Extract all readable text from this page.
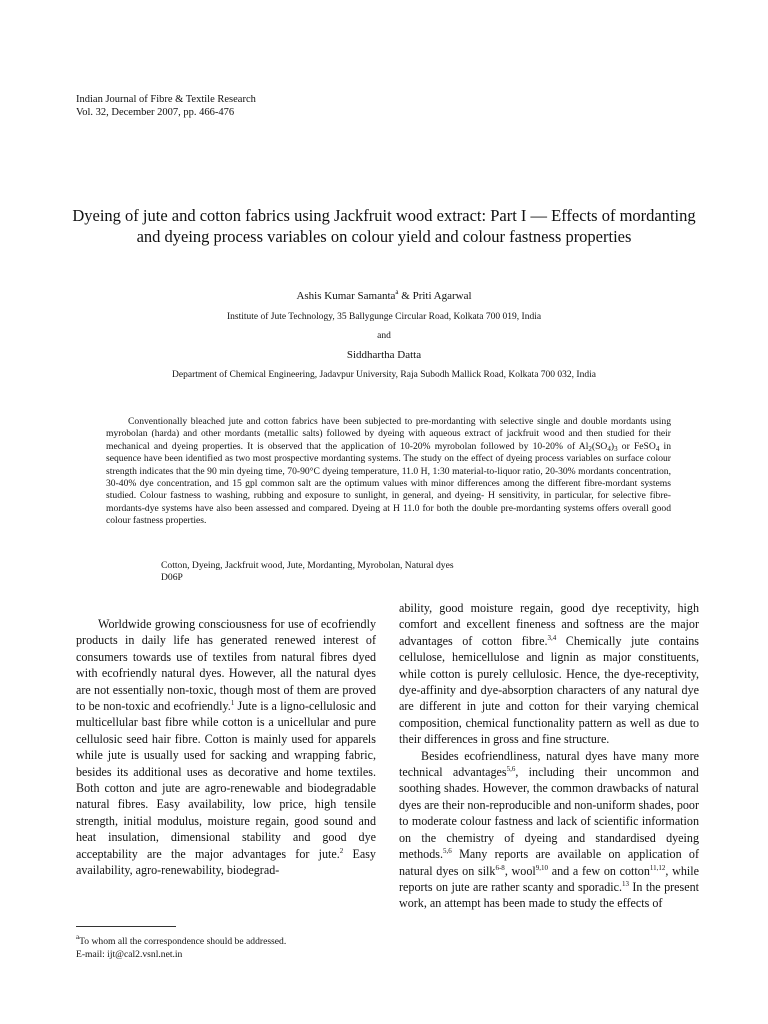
Indian Journal of Fibre & Textile Research
Vol. 32, December 2007, pp. 466-476
Dyeing of jute and cotton fabrics using Jackfruit wood extract: Part I — Effects of mordanting and dyeing process variables on colour yield and colour fastness properties
Ashis Kumar Samanta$^a$ & Priti Agarwal
Institute of Jute Technology, 35 Ballygunge Circular Road, Kolkata 700 019, India
and
Siddhartha Datta
Department of Chemical Engineering, Jadavpur University, Raja Subodh Mallick Road, Kolkata 700 032, India
Conventionally bleached jute and cotton fabrics have been subjected to pre-mordanting with selective single and double mordants using myrobolan (harda) and other mordants (metallic salts) followed by dyeing with aqueous extract of jackfruit wood and then studied for their mechanical and dyeing properties. It is observed that the application of 10-20% myrobolan followed by 10-20% of $Al_2(SO_4)_3$ or FeSO$_4$ in sequence have been identified as two most prospective mordanting systems. The study on the effect of dyeing process variables on surface colour strength indicates that the 90 min dyeing time, 70-90°C dyeing temperature, 11.0 H, 1:30 material-to-liquor ratio, 20-30% mordants concentration, 30-40% dye concentration, and 15 gpl common salt are the optimum values with minor differences among the different fibre-mordant systems studied. Colour fastness to washing, rubbing and exposure to sunlight, in general, and dyeing- H sensitivity, in particular, for selective fibre-mordants-dye systems have also been assessed and compared. Dyeing at H 11.0 for both the double pre-mordanting systems offers overall good colour fastness properties.
Cotton, Dyeing, Jackfruit wood, Jute, Mordanting, Myrobolan, Natural dyes
D06P

Worldwide growing consciousness for use of ecofriendly products in daily life has generated renewed interest of consumers towards use of textiles from natural fibres dyed with ecofriendly natural dyes. However, all the natural dyes are not essentially non-toxic, though most of them are proved to be non-toxic and ecofriendly.$^1$ Jute is a ligno-cellulosic and multicellular bast fibre while cotton is a unicellular and pure cellulosic seed hair fibre. Cotton is mainly used for apparels while jute is usually used for sacking and wrapping fabric, besides its additional uses as decorative and home textiles. Both cotton and jute are agro-renewable and biodegradable natural fibres. Easy availability, low price, high tensile strength, initial modulus, moisture regain, good sound and heat insulation, dimensional stability and good dye acceptability are the major advantages for jute.$^2$ Easy availability, agro-renewability, biodegrad-

ability, good moisture regain, good dye receptivity, high comfort and excellent fineness and softness are the major advantages of cotton fibre.$^{3,4}$ Chemically jute contains cellulose, hemicellulose and lignin as major constituents, while cotton is purely cellulosic. Hence, the dye-receptivity, dye-affinity and dye-absorption characters of any natural dye are different in jute and cotton for their varying chemical composition, chemical functionality pattern as well as due to their differences in gross and fine structure.

Besides ecofriendliness, natural dyes have many more technical advantages$^{5,6}$, including their uncommon and soothing shades. However, the common drawbacks of natural dyes are their non-reproducible and non-uniform shades, poor to moderate colour fastness and lack of scientific information on the chemistry of dyeing and standardised dyeing methods.$^{5,6}$ Many reports are available on application of natural dyes on silk$^{6-8}$, wool$^{9,10}$ and a few on cotton$^{11,12}$, while reports on jute are rather scanty and sporadic.$^{13}$ In the present work, an attempt has been made to study the effects of

$^a$To whom all the correspondence should be addressed.
E-mail: ijt@cal2.vsnl.net.in
